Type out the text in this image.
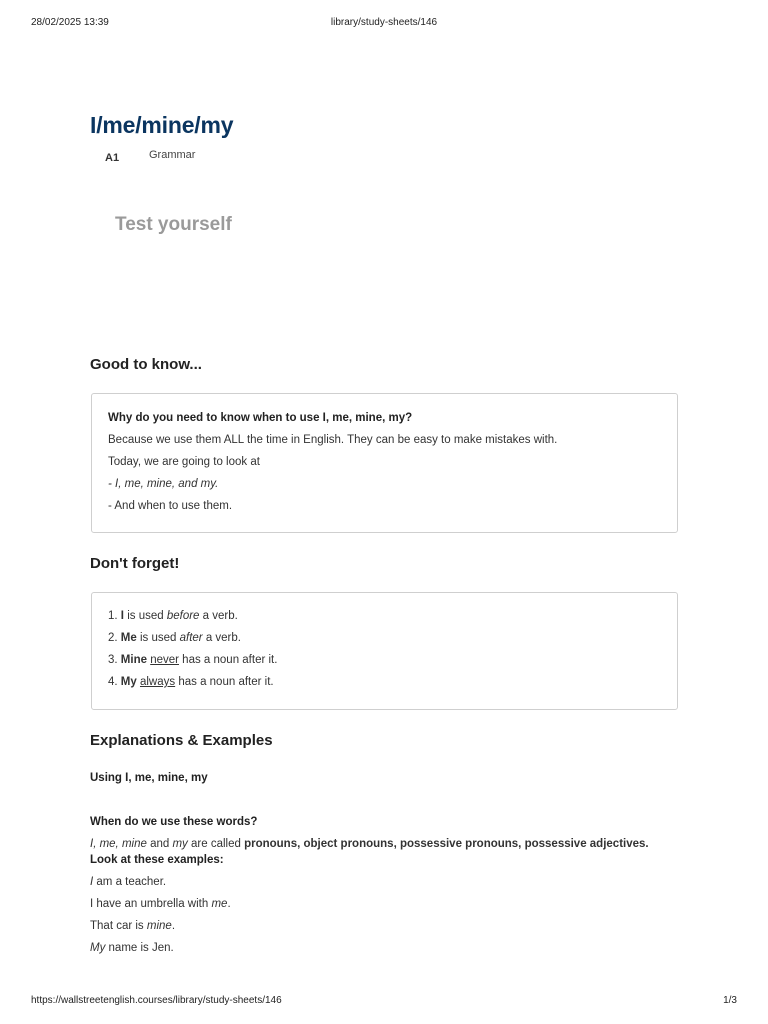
28/02/2025 13:39	library/study-sheets/146
I/me/mine/my
A1	Grammar
Test yourself
Good to know...

Why do you need to know when to use I, me, mine, my?

Because we use them ALL the time in English. They can be easy to make mistakes with.

Today, we are going to look at

- I, me, mine, and my.

- And when to use them.

Don't forget!

1. I is used before a verb.

2. Me is used after a verb.

3. Mine never has a noun after it.

4. My always has a noun after it.

Explanations & Examples

Using I, me, mine, my

When do we use these words?

I, me, mine and my are called pronouns, object pronouns, possessive pronouns, possessive adjectives.

Look at these examples:

I am a teacher.

I have an umbrella with me.

That car is mine.

My name is Jen.

https://wallstreetenglish.courses/library/study-sheets/146	1/3
